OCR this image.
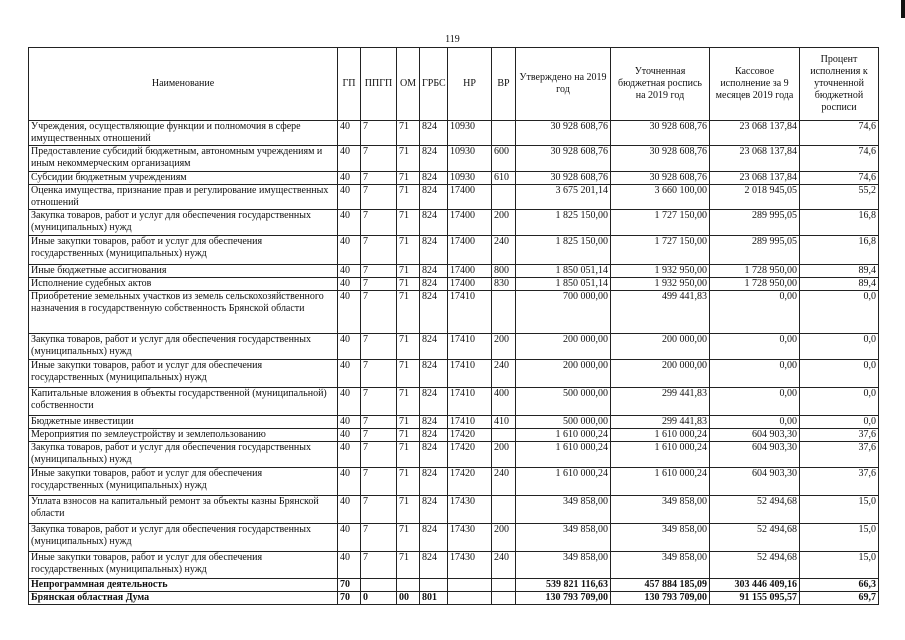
119
Наименование	ГП	ППГП	ОМ	ГРБС	НР	ВР	Утверждено на 2019 год	Уточненная бюджетная роспись на 2019 год	Кассовое исполнение за 9 месяцев 2019 года	Процент исполнения к уточненной бюджетной росписи
Учреждения, осуществляющие функции и полномочия в сфере имущественных отношений	40	7	71	824	10930		30 928 608,76	30 928 608,76	23 068 137,84	74,6
Предоставление субсидий бюджетным, автономным учреждениям и иным некоммерческим организациям	40	7	71	824	10930	600	30 928 608,76	30 928 608,76	23 068 137,84	74,6
Субсидии бюджетным учреждениям	40	7	71	824	10930	610	30 928 608,76	30 928 608,76	23 068 137,84	74,6
Оценка имущества, признание прав и регулирование имущественных отношений	40	7	71	824	17400		3 675 201,14	3 660 100,00	2 018 945,05	55,2
Закупка товаров, работ и услуг для обеспечения государственных (муниципальных) нужд	40	7	71	824	17400	200	1 825 150,00	1 727 150,00	289 995,05	16,8
Иные закупки товаров, работ и услуг для обеспечения государственных (муниципальных) нужд	40	7	71	824	17400	240	1 825 150,00	1 727 150,00	289 995,05	16,8
Иные бюджетные ассигнования	40	7	71	824	17400	800	1 850 051,14	1 932 950,00	1 728 950,00	89,4
Исполнение судебных актов	40	7	71	824	17400	830	1 850 051,14	1 932 950,00	1 728 950,00	89,4
Приобретение земельных участков из земель сельскохозяйственного назначения в государственную собственность Брянской области	40	7	71	824	17410		700 000,00	499 441,83	0,00	0,0
Закупка товаров, работ и услуг для обеспечения государственных (муниципальных) нужд	40	7	71	824	17410	200	200 000,00	200 000,00	0,00	0,0
Иные закупки товаров, работ и услуг для обеспечения государственных (муниципальных) нужд	40	7	71	824	17410	240	200 000,00	200 000,00	0,00	0,0
Капитальные вложения в объекты государственной (муниципальной) собственности	40	7	71	824	17410	400	500 000,00	299 441,83	0,00	0,0
Бюджетные инвестиции	40	7	71	824	17410	410	500 000,00	299 441,83	0,00	0,0
Мероприятия по землеустройству и землепользованию	40	7	71	824	17420		1 610 000,24	1 610 000,24	604 903,30	37,6
Закупка товаров, работ и услуг для обеспечения государственных (муниципальных) нужд	40	7	71	824	17420	200	1 610 000,24	1 610 000,24	604 903,30	37,6
Иные закупки товаров, работ и услуг для обеспечения государственных (муниципальных) нужд	40	7	71	824	17420	240	1 610 000,24	1 610 000,24	604 903,30	37,6
Уплата взносов на капитальный ремонт за объекты казны Брянской области	40	7	71	824	17430		349 858,00	349 858,00	52 494,68	15,0
Закупка товаров, работ и услуг для обеспечения государственных (муниципальных) нужд	40	7	71	824	17430	200	349 858,00	349 858,00	52 494,68	15,0
Иные закупки товаров, работ и услуг для обеспечения государственных (муниципальных) нужд	40	7	71	824	17430	240	349 858,00	349 858,00	52 494,68	15,0
Непрограммная деятельность	70						539 821 116,63	457 884 185,09	303 446 409,16	66,3
Брянская областная Дума	70	0	00	801			130 793 709,00	130 793 709,00	91 155 095,57	69,7
